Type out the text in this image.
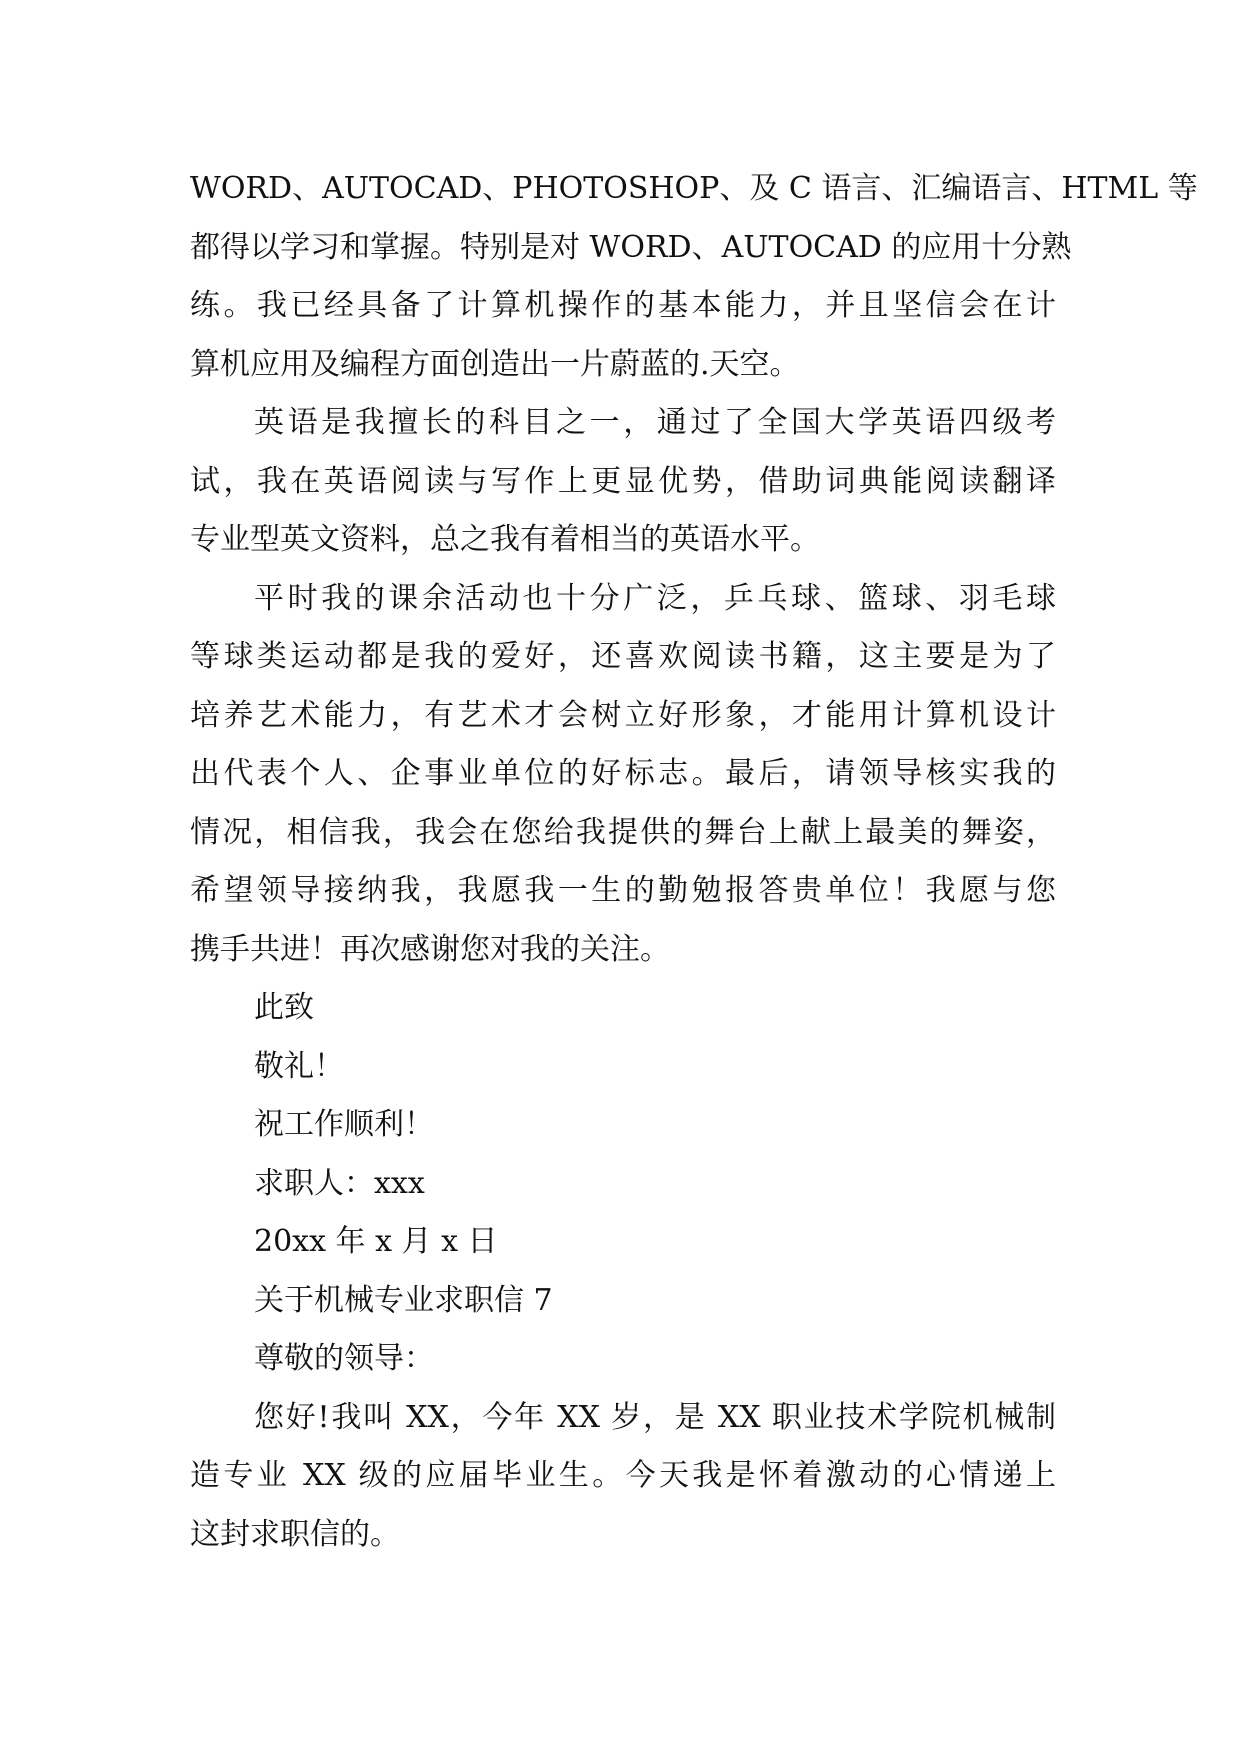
WORD、AUTOCAD、PHOTOSHOP、及 C 语言、汇编语言、HTML 等
都得以学习和掌握。特别是对 WORD、AUTOCAD 的应用十分熟
练。我已经具备了计算机操作的基本能力，并且坚信会在计
算机应用及编程方面创造出一片蔚蓝的.天空。
英语是我擅长的科目之一，通过了全国大学英语四级考
试，我在英语阅读与写作上更显优势，借助词典能阅读翻译
专业型英文资料，总之我有着相当的英语水平。
平时我的课余活动也十分广泛，乒乓球、篮球、羽毛球
等球类运动都是我的爱好，还喜欢阅读书籍，这主要是为了
培养艺术能力，有艺术才会树立好形象，才能用计算机设计
出代表个人、企事业单位的好标志。最后，请领导核实我的
情况，相信我，我会在您给我提供的舞台上献上最美的舞姿，
希望领导接纳我，我愿我一生的勤勉报答贵单位！我愿与您
携手共进！再次感谢您对我的关注。
此致
敬礼！
祝工作顺利！
求职人：xxx
20xx 年 x 月 x 日
关于机械专业求职信 7
尊敬的领导：
您好!我叫 XX，今年 XX 岁，是 XX 职业技术学院机械制
造专业 XX 级的应届毕业生。今天我是怀着激动的心情递上
这封求职信的。
